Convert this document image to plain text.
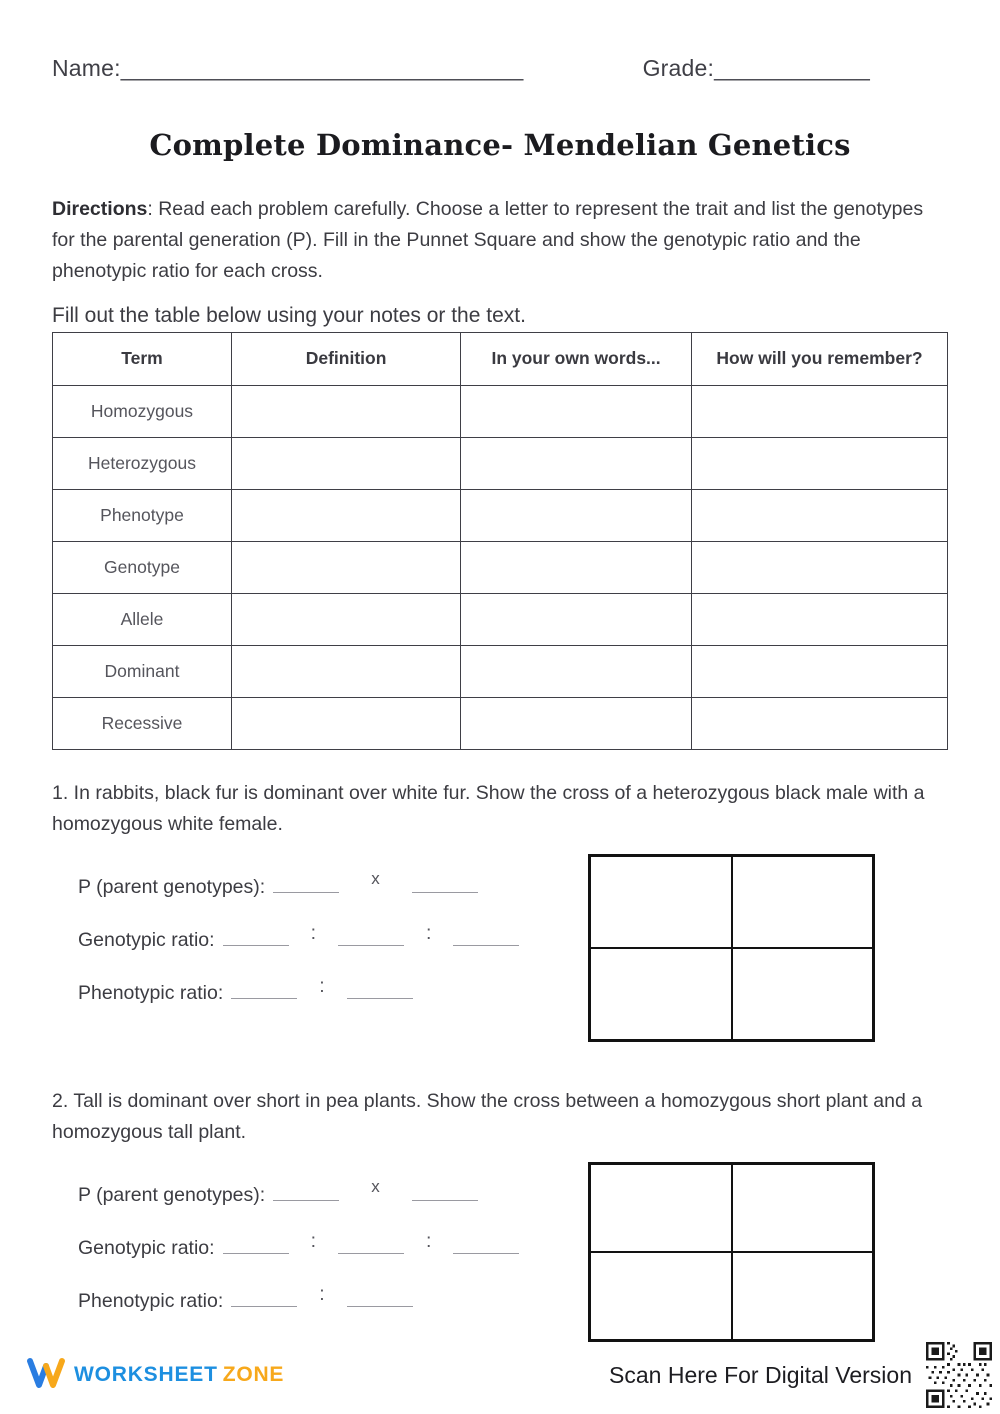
Name:_______________________________	Grade:____________
Complete Dominance- Mendelian Genetics

Directions: Read each problem carefully. Choose a letter to represent the trait and list the genotypes for the parental generation (P). Fill in the Punnet Square and show the genotypic ratio and the phenotypic ratio for each cross.

Fill out the table below using your notes or the text.

Term	Definition	In your own words...	How will you remember?
Homozygous			
Heterozygous			
Phenotype			
Genotype			
Allele			
Dominant			
Recessive			

1. In rabbits, black fur is dominant over white fur. Show the cross of a heterozygous black male with a homozygous white female.

P (parent genotypes):	x
Genotypic ratio:	:	:
Phenotypic ratio:	:

2. Tall is dominant over short in pea plants. Show the cross between a homozygous short plant and a homozygous tall plant.

P (parent genotypes):	x
Genotypic ratio:	:	:
Phenotypic ratio:	:
WORKSHEET ZONE	Scan Here For Digital Version
